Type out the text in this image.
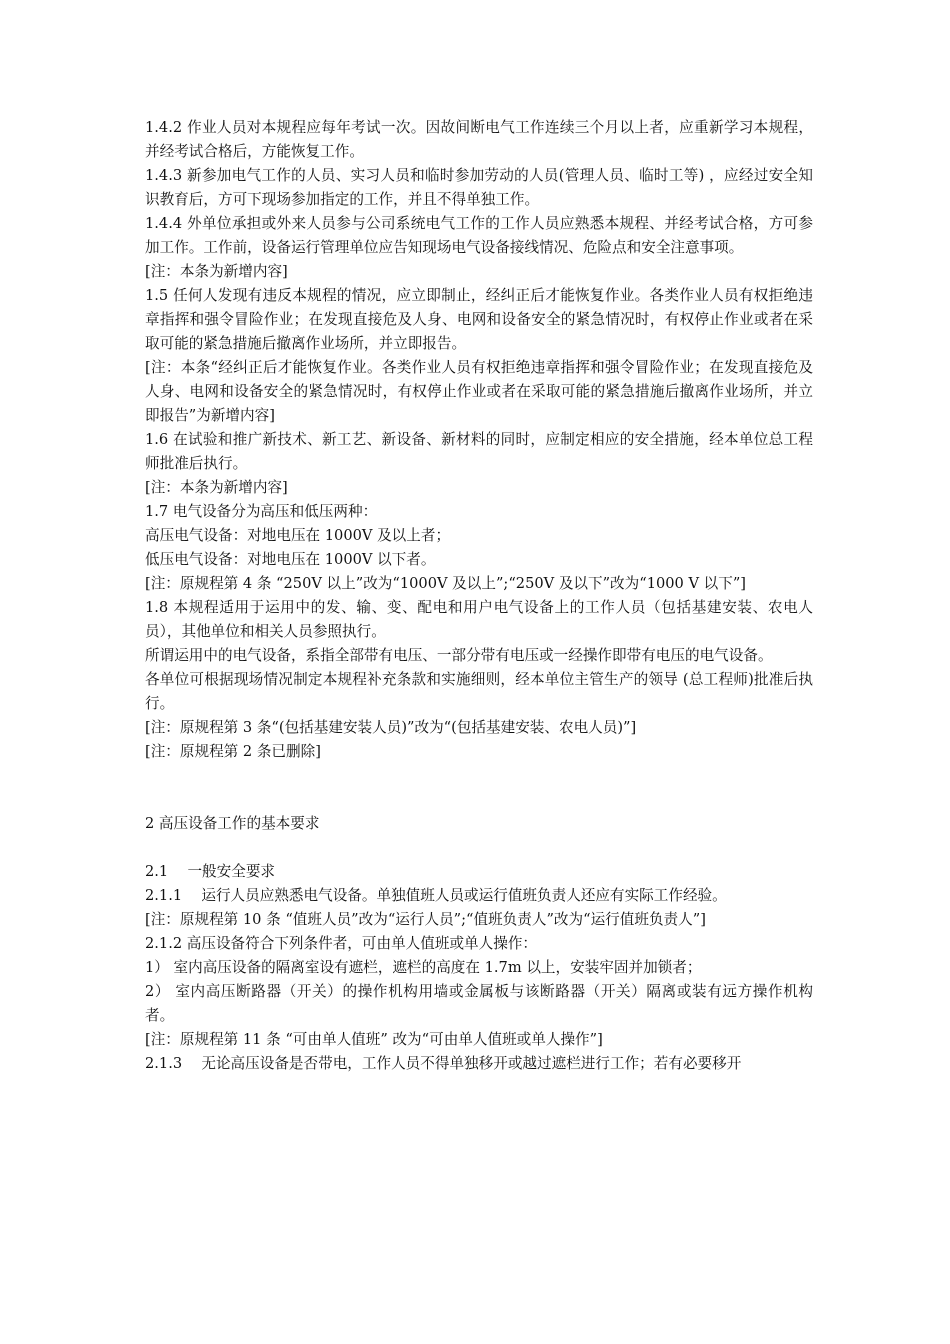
1.4.2 作业人员对本规程应每年考试一次。因故间断电气工作连续三个月以上者，应重新学习本规程，并经考试合格后，方能恢复工作。

1.4.3 新参加电气工作的人员、实习人员和临时参加劳动的人员(管理人员、临时工等) ，应经过安全知识教育后，方可下现场参加指定的工作，并且不得单独工作。

1.4.4 外单位承担或外来人员参与公司系统电气工作的工作人员应熟悉本规程、并经考试合格，方可参加工作。工作前，设备运行管理单位应告知现场电气设备接线情况、危险点和安全注意事项。

[注：本条为新增内容]

1.5 任何人发现有违反本规程的情况，应立即制止，经纠正后才能恢复作业。各类作业人员有权拒绝违章指挥和强令冒险作业；在发现直接危及人身、电网和设备安全的紧急情况时，有权停止作业或者在采取可能的紧急措施后撤离作业场所，并立即报告。

[注：本条“经纠正后才能恢复作业。各类作业人员有权拒绝违章指挥和强令冒险作业；在发现直接危及人身、电网和设备安全的紧急情况时，有权停止作业或者在采取可能的紧急措施后撤离作业场所，并立即报告”为新增内容]

1.6 在试验和推广新技术、新工艺、新设备、新材料的同时，应制定相应的安全措施，经本单位总工程师批准后执行。

[注：本条为新增内容]

1.7 电气设备分为高压和低压两种：

高压电气设备：对地电压在 1000V 及以上者；

低压电气设备：对地电压在 1000V 以下者。

[注：原规程第 4 条 “250V 以上”改为“1000V 及以上”;“250V 及以下”改为“1000 V 以下”]

1.8 本规程适用于运用中的发、输、变、配电和用户电气设备上的工作人员（包括基建安装、农电人员），其他单位和相关人员参照执行。

所谓运用中的电气设备，系指全部带有电压、一部分带有电压或一经操作即带有电压的电气设备。

各单位可根据现场情况制定本规程补充条款和实施细则，经本单位主管生产的领导 (总工程师)批准后执行。

[注：原规程第 3 条“(包括基建安装人员)”改为“(包括基建安装、农电人员)”]

[注：原规程第 2 条已删除]

2 高压设备工作的基本要求

2.1 　一般安全要求

2.1.1 　运行人员应熟悉电气设备。单独值班人员或运行值班负责人还应有实际工作经验。

[注：原规程第 10 条 “值班人员”改为“运行人员”;“值班负责人”改为“运行值班负责人”]

2.1.2 高压设备符合下列条件者，可由单人值班或单人操作：

1） 室内高压设备的隔离室设有遮栏，遮栏的高度在 1.7m 以上，安装牢固并加锁者；

2） 室内高压断路器（开关）的操作机构用墙或金属板与该断路器（开关）隔离或装有远方操作机构者。

[注：原规程第 11 条 “可由单人值班” 改为“可由单人值班或单人操作”]

2.1.3 　无论高压设备是否带电，工作人员不得单独移开或越过遮栏进行工作；若有必要移开
